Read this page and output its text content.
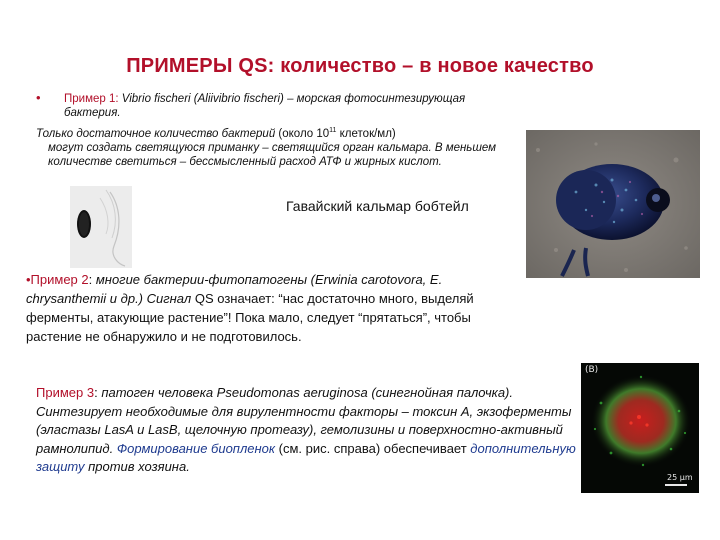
ПРИМЕРЫ QS: количество – в новое качество
• Пример 1: Vibrio fischeri (Aliivibrio fischeri) – морская фотосинтезирующая бактерия.
Только достаточное количество бактерий (около $10^{11}$ клеток/мл)
могут создать светящуюся приманку – светящийся орган кальмара. В меньшем количестве светиться – бессмысленный расход АТФ и жирных кислот.
Гавайский кальмар бобтейл
•Пример 2: многие бактерии-фитопатогены (Erwinia carotovora, E. chrysanthemii и др.) Сигнал QS означает: “нас достаточно много, выделяй ферменты, атакующие растение”! Пока мало, следует “прятаться”, чтобы растение не обнаружило и не подготовилось.
Пример 3: патоген человека Pseudomonas aeruginosa (синегнойная палочка).
Синтезирует необходимые для вирулентности факторы – токсин А, экзоферменты (эластазы LasA и LasB, щелочную протеазу), гемолизины и поверхностно-активный рамнолипид. Формирование биопленок (см. рис. справа) обеспечивает дополнительную защиту против хозяина.
(B)
25 µm
